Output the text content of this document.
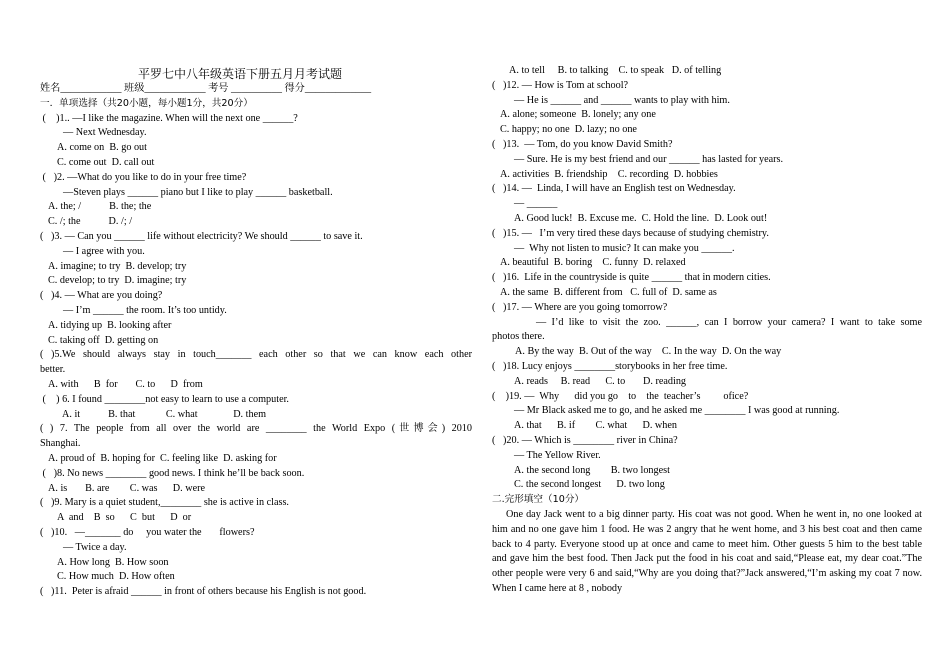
平罗七中八年级英语下册五月月考试题
姓名____________ 班级____________ 考号 __________ 得分_____________
一．单项选择（共20小题，每小题1分，共20分）
(    )1.. —I like the magazine. When will the next one ______?
— Next Wednesday.
A. come on  B. go out
C. come out  D. call out
(   )2. —What do you like to do in your free time?
—Steven plays ______ piano but I like to play ______ basketball.
A. the; /           B. the; the
C. /; the           D. /; /
(   )3. — Can you ______ life without electricity? We should ______ to save it.
— I agree with you.
A. imagine; to try  B. develop; try
C. develop; to try  D. imagine; try
(   )4. — What are you doing?
— I’m ______ the room. It’s too untidy.
A. tidying up  B. looking after
C. taking off  D. getting on
( )5.We should always stay in touch_______ each other so that we can know each other
better.
A. with      B  for       C. to      D  from
(    ) 6. I found ________not easy to learn to use a computer.
A. it           B. that            C. what              D. them
( ) 7. The people from all over the world are ________ the World Expo (世博会) 2010
Shanghai.
A. proud of  B. hoping for  C. feeling like  D. asking for
(   )8. No news ________ good news. I think he’ll be back soon.
A. is       B. are        C. was      D. were
(   )9. Mary is a quiet student,________ she is active in class.
A  and    B  so      C  but      D  or
(   )10.   —_______ do     you water the       flowers?
— Twice a day.
A. How long  B. How soon
C. How much  D. How often
(   )11.  Peter is afraid ______ in front of others because his English is not good.
A. to tell     B. to talking    C. to speak   D. of telling
(   )12. — How is Tom at school?
— He is ______ and ______ wants to play with him.
A. alone; someone  B. lonely; any one
C. happy; no one  D. lazy; no one
(   )13.  — Tom, do you know David Smith?
— Sure. He is my best friend and our ______ has lasted for years.
A. activities  B. friendship    C. recording  D. hobbies
(   )14. —  Linda, I will have an English test on Wednesday.
— ______
A. Good luck!  B. Excuse me.  C. Hold the line.  D. Look out!
(   )15. —   I’m very tired these days because of studying chemistry.
—  Why not listen to music? It can make you ______.
A. beautiful  B. boring    C. funny  D. relaxed
(   )16.  Life in the countryside is quite ______ that in modern cities.
A. the same  B. different from   C. full of  D. same as
(   )17. — Where are you going tomorrow?
— I’d like to visit the zoo. ______, can I borrow your camera? I want to take some
photos there.
A. By the way  B. Out of the way    C. In the way  D. On the way
(   )18. Lucy enjoys ________storybooks in her free time.
A. reads     B. read      C. to       D. reading
(    )19. —  Why      did you go    to    the  teacher’s         ofice?
— Mr Black asked me to go, and he asked me ________ I was good at running.
A. that      B. if        C. what      D. when
(   )20. — Which is ________ river in China?
— The Yellow River.
A. the second long        B. two longest
C. the second longest      D. two long
二.完形填空（10分）
One day Jack went to a big dinner party. His coat was not good. When he went in, no one looked at him and no one gave him 1 food. He was 2 angry that he went home, and 3 his best coat and then came back to 4 party. Everyone stood up at once and came to meet him. Other guests 5 him to the best table and gave him the best food. Then Jack put the food in his coat and said,“Please eat, my dear coat.”The other people were very 6 and said,“Why are you doing that?”Jack answered,“I’m asking my coat 7 now. When I came here at 8 , nobody
